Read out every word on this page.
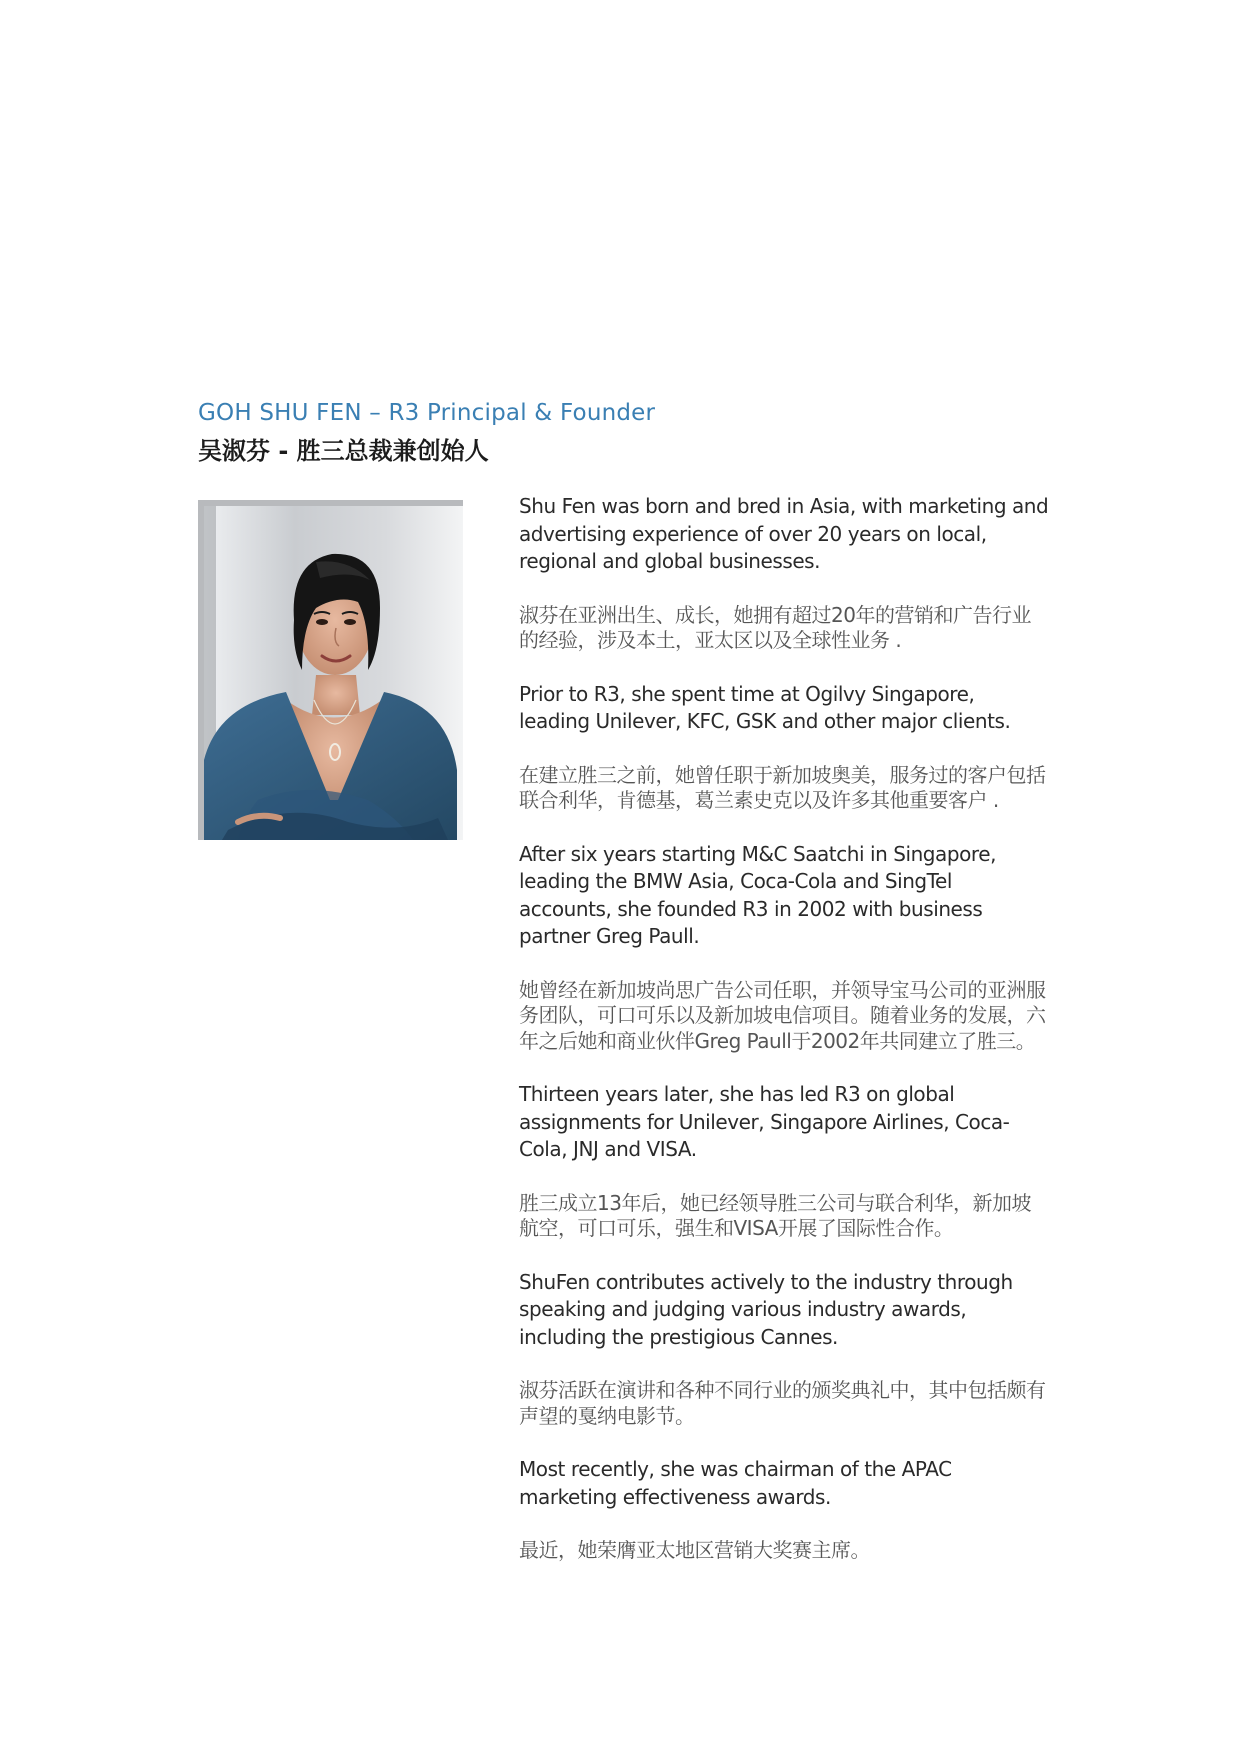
GOH SHU FEN – R3 Principal & Founder
吴淑芬 - 胜三总裁兼创始人

Shu Fen was born and bred in Asia, with marketing and advertising experience of over 20 years on local, regional and global businesses.

淑芬在亚洲出生、成长，她拥有超过20年的营销和广告行业的经验，涉及本土，亚太区以及全球性业务 .

Prior to R3, she spent time at Ogilvy Singapore, leading Unilever, KFC, GSK and other major clients.

在建立胜三之前，她曾任职于新加坡奥美，服务过的客户包括联合利华，肯德基，葛兰素史克以及许多其他重要客户 .

After six years starting M&C Saatchi in Singapore, leading the BMW Asia, Coca-Cola and SingTel accounts, she founded R3 in 2002 with business partner Greg Paull.

她曾经在新加坡尚思广告公司任职，并领导宝马公司的亚洲服务团队，可口可乐以及新加坡电信项目。随着业务的发展，六年之后她和商业伙伴Greg Paull于2002年共同建立了胜三。

Thirteen years later, she has led R3 on global assignments for Unilever, Singapore Airlines, Coca-Cola, JNJ and VISA.

胜三成立13年后，她已经领导胜三公司与联合利华，新加坡航空，可口可乐，强生和VISA开展了国际性合作。

ShuFen contributes actively to the industry through speaking and judging various industry awards, including the prestigious Cannes.

淑芬活跃在演讲和各种不同行业的颁奖典礼中，其中包括颇有声望的戛纳电影节。

Most recently, she was chairman of the APAC marketing effectiveness awards.

最近，她荣膺亚太地区营销大奖赛主席。
